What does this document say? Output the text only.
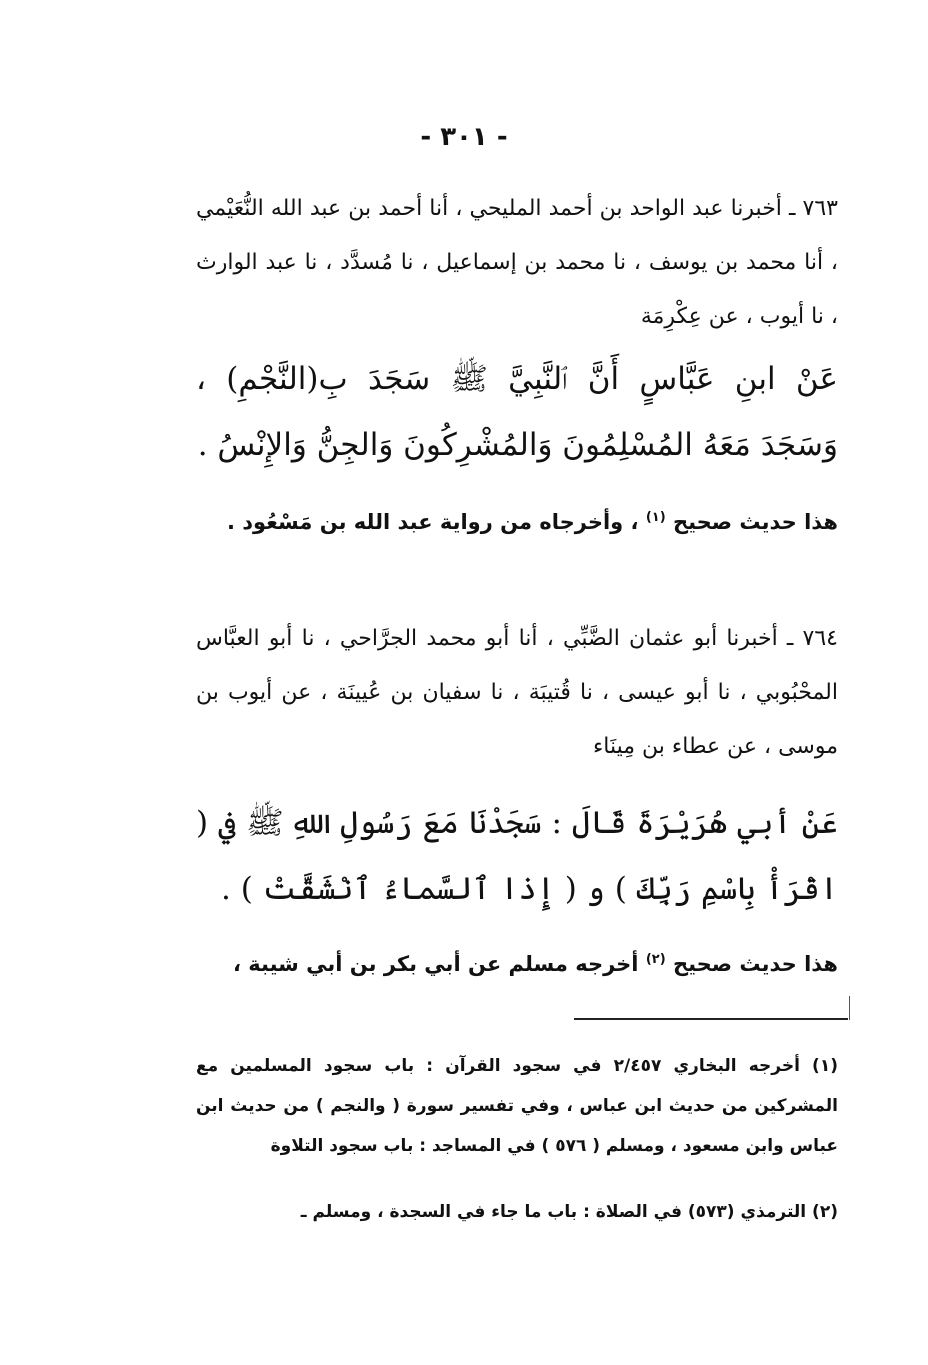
- ٣٠١ -
٧٦٣ ـ أخبرنا عبد الواحد بن أحمد المليحي ، أنا أحمد بن عبد الله النُّعَيْمي ، أنا محمد بن يوسف ، نا محمد بن إسماعيل ، نا مُسدَّد ، نا عبد الوارث ، نا أيوب ، عن عِكْرِمَة
عَنْ ابنِ عَبَّاسٍ أَنَّ ٱلنَّبِيَّ ﷺ سَجَدَ بِ(النَّجْمِ) ، وَسَجَدَ مَعَهُ المُسْلِمُونَ وَالمُشْرِكُونَ وَالجِنُّ وَالإِنْسُ .
هذا حديث صحيح $^{(١)}$ ، وأخرجاه من رواية عبد الله بن مَسْعُود .
٧٦٤ ـ أخبرنا أبو عثمان الضَّبِّي ، أنا أبو محمد الجرَّاحي ، نا أبو العبَّاس المحْبُوبي ، نا أبو عيسى ، نا قُتيبَة ، نا سفيان بن عُيينَة ، عن أيوب بن موسى ، عن عطاء بن مِينَاء
عَنْ أبي هُرَيْرَةَ قَالَ : سَجَدْنَا مَعَ رَسُولِ اللهِ ﷺ في ( اقْرَأْ بِاسْمِ رَبِّكَ ) و ( إِذا ٱلسَّماءُ ٱنْشَقَّتْ ) .
هذا حديث صحيح $^{(٢)}$ أخرجه مسلم عن أبي بكر بن أبي شيبة ،
(١) أخرجه البخاري ٢/٤٥٧ في سجود القرآن : باب سجود المسلمين مع المشركين من حديث ابن عباس ، وفي تفسير سورة ( والنجم ) من حديث ابن عباس وابن مسعود ، ومسلم ( ٥٧٦ ) في المساجد : باب سجود التلاوة
(٢) الترمذي (٥٧٣) في الصلاة : باب ما جاء في السجدة ، ومسلم ـ
